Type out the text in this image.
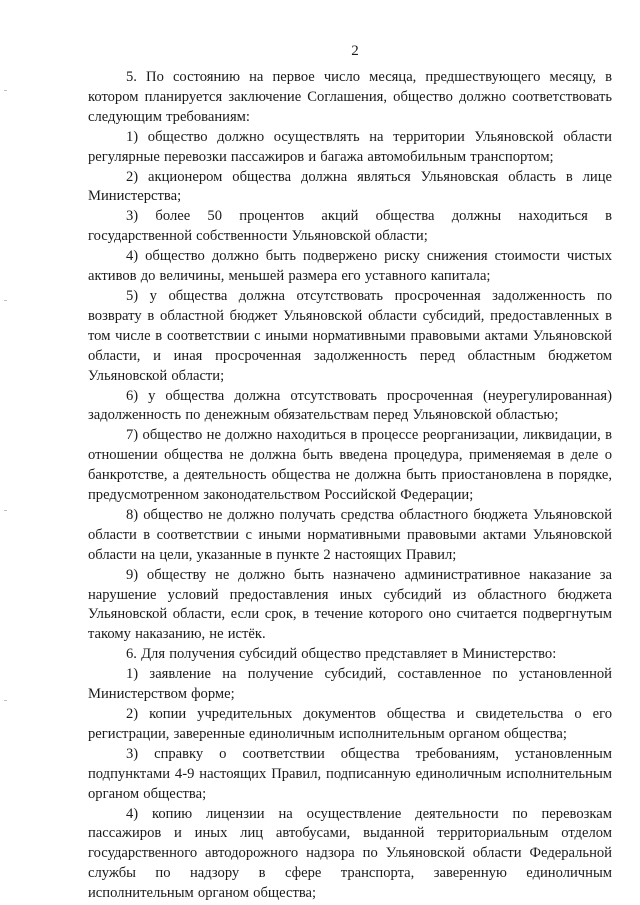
2

5. По состоянию на первое число месяца, предшествующего месяцу, в котором планируется заключение Соглашения, общество должно соответствовать следующим требованиям:

1) общество должно осуществлять на территории Ульяновской области регулярные перевозки пассажиров и багажа автомобильным транспортом;

2) акционером общества должна являться Ульяновская область в лице Министерства;

3) более 50 процентов акций общества должны находиться в государственной собственности Ульяновской области;

4) общество должно быть подвержено риску снижения стоимости чистых активов до величины, меньшей размера его уставного капитала;

5) у общества должна отсутствовать просроченная задолженность по возврату в областной бюджет Ульяновской области субсидий, предоставленных в том числе в соответствии с иными нормативными правовыми актами Ульяновской области, и иная просроченная задолженность перед областным бюджетом Ульяновской области;

6) у общества должна отсутствовать просроченная (неурегулированная) задолженность по денежным обязательствам перед Ульяновской областью;

7) общество не должно находиться в процессе реорганизации, ликвидации, в отношении общества не должна быть введена процедура, применяемая в деле о банкротстве, а деятельность общества не должна быть приостановлена в порядке, предусмотренном законодательством Российской Федерации;

8) общество не должно получать средства областного бюджета Ульяновской области в соответствии с иными нормативными правовыми актами Ульяновской области на цели, указанные в пункте 2 настоящих Правил;

9) обществу не должно быть назначено административное наказание за нарушение условий предоставления иных субсидий из областного бюджета Ульяновской области, если срок, в течение которого оно считается подвергнутым такому наказанию, не истёк.

6. Для получения субсидий общество представляет в Министерство:

1) заявление на получение субсидий, составленное по установленной Министерством форме;

2) копии учредительных документов общества и свидетельства о его регистрации, заверенные единоличным исполнительным органом общества;

3) справку о соответствии общества требованиям, установленным подпунктами 4-9 настоящих Правил, подписанную единоличным исполнительным органом общества;

4) копию лицензии на осуществление деятельности по перевозкам пассажиров и иных лиц автобусами, выданной территориальным отделом государственного автодорожного надзора по Ульяновской области Федеральной службы по надзору в сфере транспорта, заверенную единоличным исполнительным органом общества;
